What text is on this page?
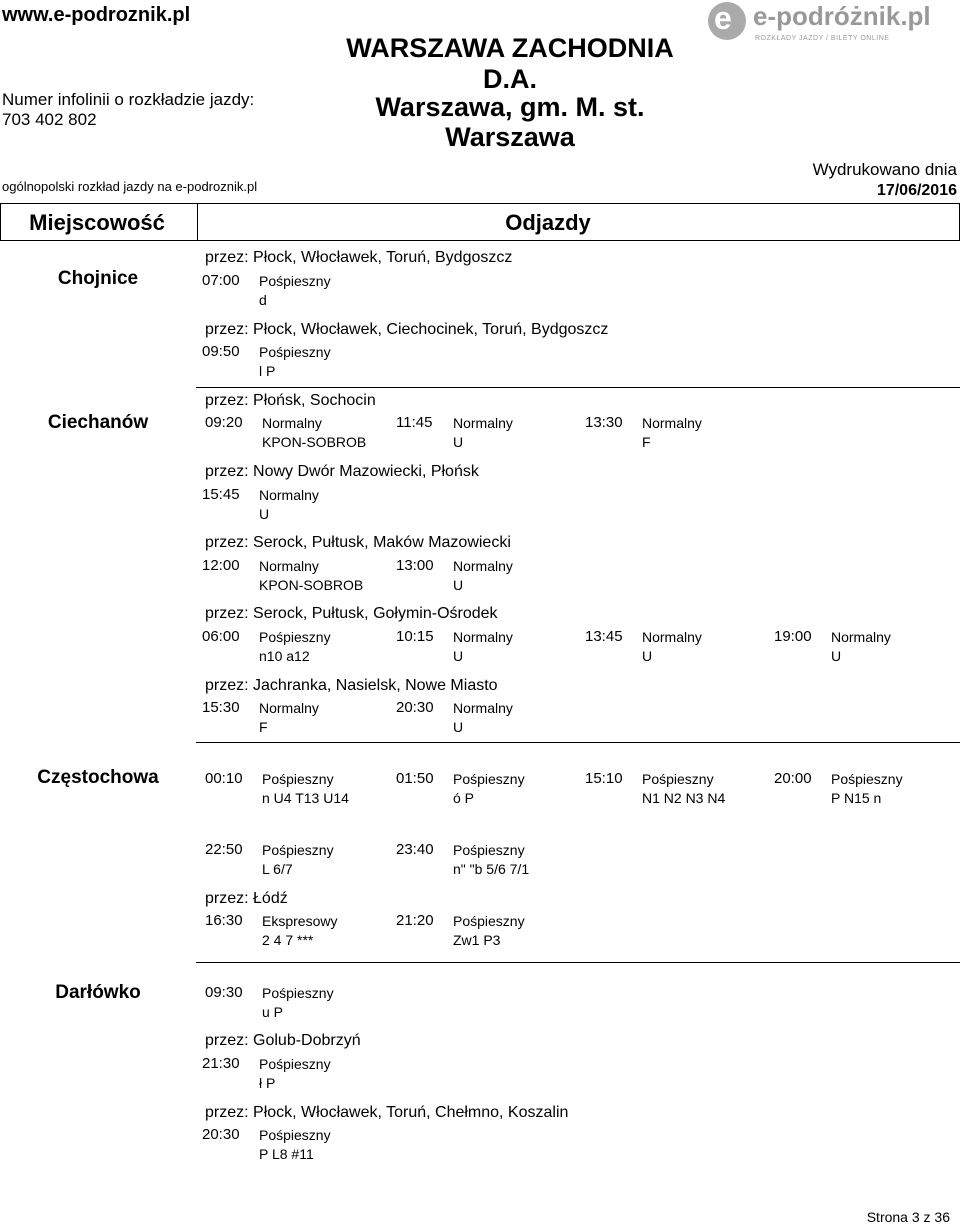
www.e-podroznik.pl
Numer infolinii o rozkładzie jazdy:
703 402 802
ogólnopolski rozkład jazdy na e-podroznik.pl
WARSZAWA ZACHODNIA
D.A.
Warszawa, gm. M. st.
Warszawa
Wydrukowano dnia
17/06/2016
e e-podróżnik.pl
ROZKŁADY JAZDY / BILETY ONLINE
Miejscowość	Odjazdy
Chojnice
Ciechanów
Częstochowa
Darłówko
przez: Płock, Włocławek, Toruń, Bydgoszcz
przez: Płock, Włocławek, Ciechocinek, Toruń, Bydgoszcz
przez: Płońsk, Sochocin
przez: Nowy Dwór Mazowiecki, Płońsk
przez: Serock, Pułtusk, Maków Mazowiecki
przez: Serock, Pułtusk, Gołymin-Ośrodek
przez: Jachranka, Nasielsk, Nowe Miasto
przez: Łódź
przez: Golub-Dobrzyń
przez: Płock, Włocławek, Toruń, Chełmno, Koszalin
07:00 Pośpieszny
d
09:50 Pośpieszny
l P
09:20 Normalny
KPON-SOBROB
11:45 Normalny
U
13:30 Normalny
F
15:45 Normalny
U
12:00 Normalny
KPON-SOBROB
13:00 Normalny
U
06:00 Pośpieszny
n10 a12
10:15 Normalny
U
13:45 Normalny
U
19:00 Normalny
U
15:30 Normalny
F
20:30 Normalny
U
00:10 Pośpieszny
n U4 T13 U14
01:50 Pośpieszny
ó P
15:10 Pośpieszny
N1 N2 N3 N4
20:00 Pośpieszny
P N15 n
22:50 Pośpieszny
L 6/7
23:40 Pośpieszny
n" "b 5/6 7/1
16:30 Ekspresowy
2 4 7 ***
21:20 Pośpieszny
Zw1 P3
09:30 Pośpieszny
u P
21:30 Pośpieszny
ł P
20:30 Pośpieszny
P L8 #11
Strona 3 z 36
